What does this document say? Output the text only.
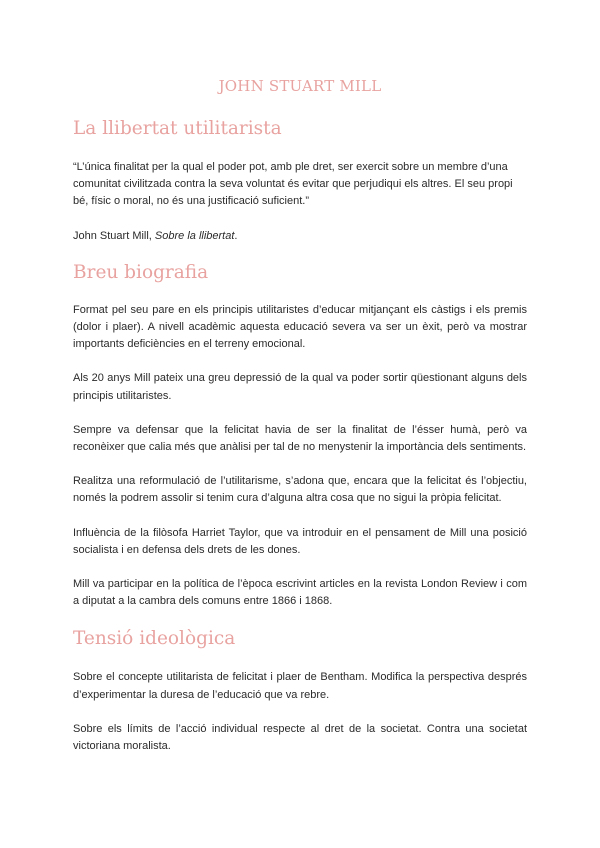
JOHN STUART MILL
La llibertat utilitarista

“L’única finalitat per la qual el poder pot, amb ple dret, ser exercit sobre un membre d’una comunitat civilitzada contra la seva voluntat és evitar que perjudiqui els altres. El seu propi bé, físic o moral, no és una justificació suficient.”

John Stuart Mill, Sobre la llibertat.

Breu biografia

Format pel seu pare en els principis utilitaristes d’educar mitjançant els càstigs i els premis (dolor i plaer). A nivell acadèmic aquesta educació severa va ser un èxit, però va mostrar importants deficiències en el terreny emocional.

Als 20 anys Mill pateix una greu depressió de la qual va poder sortir qüestionant alguns dels principis utilitaristes.

Sempre va defensar que la felicitat havia de ser la finalitat de l’ésser humà, però va reconèixer que calia més que anàlisi per tal de no menystenir la importància dels sentiments.

Realitza una reformulació de l’utilitarisme, s’adona que, encara que la felicitat és l’objectiu, només la podrem assolir si tenim cura d’alguna altra cosa que no sigui la pròpia felicitat.

Influència de la filòsofa Harriet Taylor, que va introduir en el pensament de Mill una posició socialista i en defensa dels drets de les dones.

Mill va participar en la política de l’època escrivint articles en la revista London Review i com a diputat a la cambra dels comuns entre 1866 i 1868.

Tensió ideològica

Sobre el concepte utilitarista de felicitat i plaer de Bentham. Modifica la perspectiva després d’experimentar la duresa de l’educació que va rebre.

Sobre els límits de l’acció individual respecte al dret de la societat. Contra una societat victoriana moralista.
